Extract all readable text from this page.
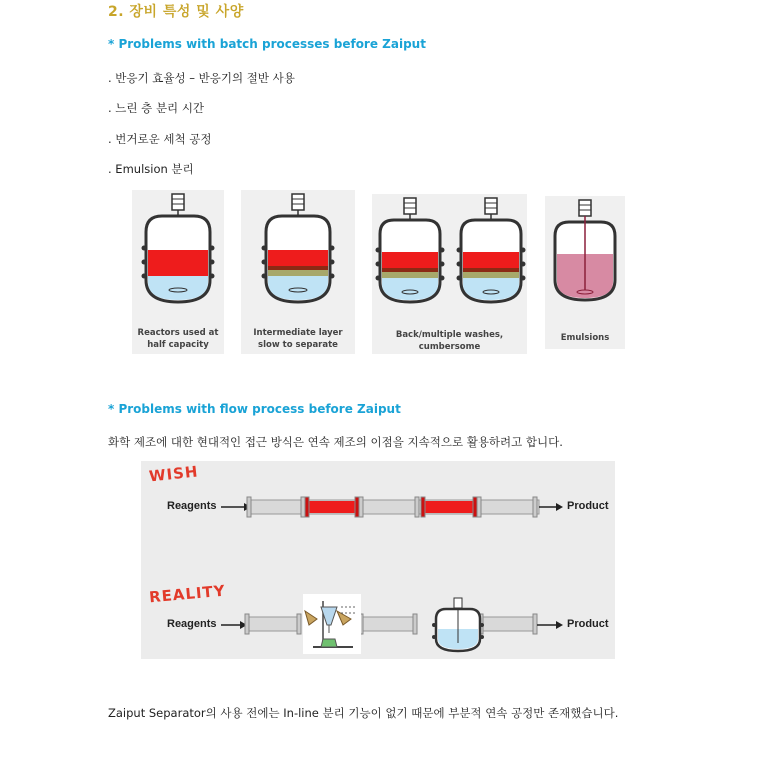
2. 장비 특성 및 사양
* Problems with batch processes before Zaiput
. 반응기 효율성 – 반응기의 절반 사용
. 느린 층 분리 시간
. 번거로운 세척 공정
. Emulsion 분리
Reactors used at half capacity
Intermediate layer slow to separate
Back/multiple washes, cumbersome
Emulsions
* Problems with flow process before Zaiput
화학 제조에 대한 현대적인 접근 방식은 연속 제조의 이점을 지속적으로 활용하려고 합니다.
WISH
Reagents	Product
REALITY
Reagents	Product
Zaiput Separator의 사용 전에는 In-line 분리 기능이 없기 때문에 부분적 연속 공정만 존재했습니다.
